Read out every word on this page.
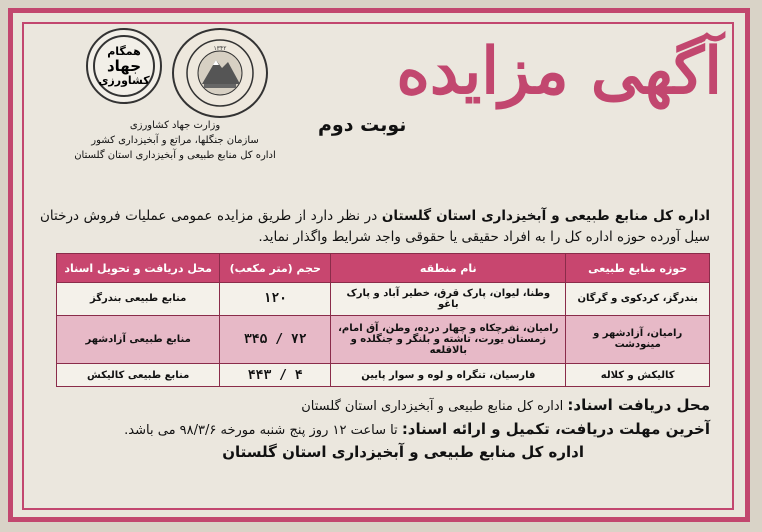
همگام
جهاد
کشاورزی
۱۳۴۲	آگهی مزایده
نوبت دوم
وزارت جهاد کشاورزی
سازمان جنگلها، مراتع و آبخیزداری کشور
اداره کل منابع طبیعی و آبخیزداری استان گلستان
اداره کل منابع طبیعی و آبخیزداری استان گلستان در نظر دارد از طریق مزایده عمومی عملیات فروش درختان سیل آورده حوزه اداره کل را به افراد حقیقی یا حقوقی واجد شرایط واگذار نماید.
حوزه منابع طبیعی	نام منطقه	حجم (متر مکعب)	محل دریافت و تحویل اسناد
بندرگز، کردکوی و گرگان	وطنا، لیوان، پارک قرق، خطیر آباد و پارک باغو	۱۲۰	منابع طبیعی بندرگز
رامیان، آزادشهر و مینودشت	رامیان، نفرچکاه و چهار درده، وطن، آق امام، زمستان یورت، تاشته و بلنگر و جنگلده و بالاقلعه	۳۴۵ / ۷۲	منابع طبیعی آزادشهر
کالیکش و کلاله	فارسیان، تنگراه و لوه و سوار پایین	۴۴۳ / ۴	منابع طبیعی کالیکش
محل دریافت اسناد: اداره کل منابع طبیعی و آبخیزداری استان گلستان
آخرین مهلت دریافت، تکمیل و ارائه اسناد: تا ساعت ۱۲ روز پنج شنبه مورخه ۹۸/۳/۶ می باشد.
اداره کل منابع طبیعی و آبخیزداری استان گلستان
